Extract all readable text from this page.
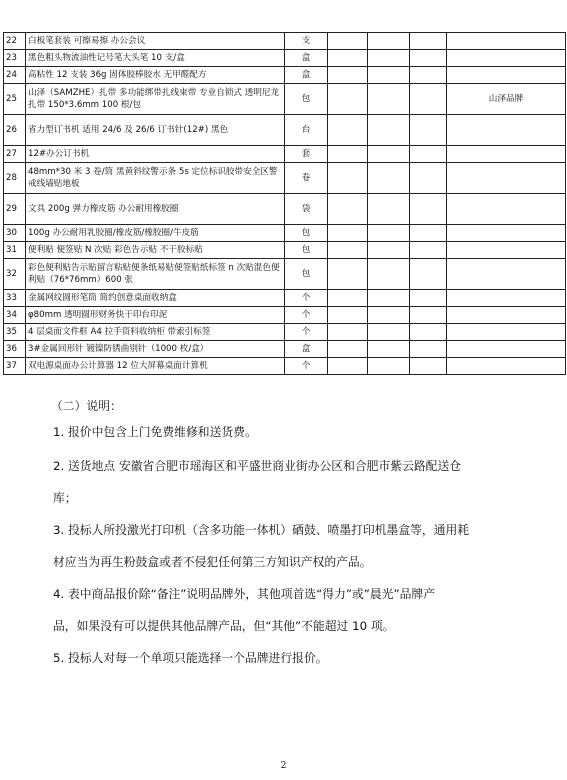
22	白板笔套装 可擦易擦 办公会议	支				
23	黑色粗头物流油性记号笔大头笔 10 支/盒	盒				
24	高粘性 12 支装 36g 固体胶棒胶水 无甲醛配方	盒				
25	山泽（SAMZHE）扎带 多功能绑带扎线束带 专业自锁式 透明尼龙扎带 150*3.6mm 100 根/包	包				山泽品牌
26	省力型订书机 适用 24/6 及 26/6 订书针(12#) 黑色	台				
27	12#办公订书机	套				
28	48mm*30 米 3 卷/筒 黑黄斜纹警示条 5s 定位标识胶带安全区警戒线墙贴地板	卷				
29	文具 200g 弹力橡皮筋 办公耐用橡胶圈	袋				
30	100g 办公耐用乳胶圈/橡皮筋/橡胶圈/牛皮筋	包				
31	便利贴 便签贴 N 次贴 彩色告示贴 不干胶标贴	包				
32	彩色便利贴告示贴留言粘贴便条纸易贴便签贴纸标签 n 次贴混色便利贴（76*76mm）600 张	包				
33	金属网纹圆形笔筒 简约创意桌面收纳盒	个				
34	φ80mm 透明圆形财务快干印台印泥	个				
35	4 层桌面文件框 A4 拉手资料收纳柜 带索引标签	个				
36	3#金属回形针 镀镍防锈曲别针（1000 枚/盒）	盒				
37	双电源桌面办公计算器 12 位大屏幕桌面计算机	个				
（二）说明：

1. 报价中包含上门免费维修和送货费。

2. 送货地点 安徽省合肥市瑶海区和平盛世商业街办公区和合肥市紫云路配送仓

库；

3. 投标人所投激光打印机（含多功能一体机）硒鼓、喷墨打印机墨盒等，通用耗

材应当为再生粉鼓盒或者不侵犯任何第三方知识产权的产品。

4. 表中商品报价除“备注”说明品牌外，其他项首选“得力”或”晨光”品牌产

品，如果没有可以提供其他品牌产品，但“其他”不能超过 10 项。

5. 投标人对每一个单项只能选择一个品牌进行报价。

2
